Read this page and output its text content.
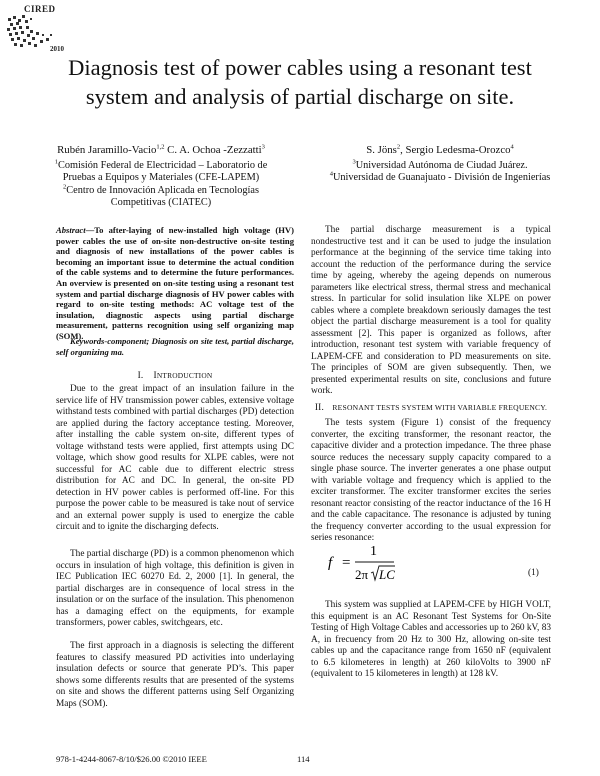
CIRED
2010
Diagnosis test of power cables using a resonant test
system and analysis of partial discharge on site.
Rubén Jaramillo-Vacio$^{1,2}$ C. A. Ochoa -Zezzatti$^3$
$^1$Comisión Federal de Electricidad – Laboratorio de
Pruebas a Equipos y Materiales (CFE-LAPEM)
$^2$Centro de Innovación Aplicada en Tecnologías
Competitivas (CIATEC)
S. Jöns$^2$, Sergio Ledesma-Orozco$^4$
$^3$Universidad Autónoma de Ciudad Juárez.
$^4$Universidad de Guanajuato - División de Ingenierías

Abstract—To after-laying of new-installed high voltage (HV) power cables the use of on-site non-destructive on-site testing and diagnosis of new installations of the power cables is becoming an important issue to determine the actual condition of the cable systems and to determine the future performances. An overview is presented on on-site testing using a resonant test system and partial discharge diagnosis of HV power cables with regard to on-site testing methods: AC voltage test of the insulation, diagnostic aspects using partial discharge measurement, patterns recognition using self organizing map (SOM).

Keywords-component; Diagnosis on site test, partial discharge, self organizing ma.

I. INTRODUCTION

Due to the great impact of an insulation failure in the service life of HV transmission power cables, extensive voltage withstand tests combined with partial discharges (PD) detection are applied during the factory acceptance testing. Moreover, after installing the cable system on-site, different types of voltage withstand tests were applied, first attempts using DC voltage, which show good results for XLPE cables, were not successful for AC cable due to different electric stress distribution for AC and DC. In general, the on-site PD detection in HV power cables is performed off-line. For this purpose the power cable to be measured is take nout of service and an external power supply is used to energize the cable circuit and to ignite the discharging defects.

The partial discharge (PD) is a common phenomenon which occurs in insulation of high voltage, this definition is given in IEC Publication IEC 60270 Ed. 2, 2000 [1]. In general, the partial discharges are in consequence of local stress in the insulation or on the surface of the insulation. This phenomenon has a damaging effect on the equipments, for example transformers, power cables, switchgears, etc.

The first approach in a diagnosis is selecting the different features to classify measured PD activities into underlaying insulation defects or source that generate PD’s. This paper shows some differents results that are presented of the systems on site and shows the different patterns using Self Organizing Maps (SOM).

The partial discharge measurement is a typical nondestructive test and it can be used to judge the insulation performance at the beginning of the service time taking into account the reduction of the performance during the service time by ageing, whereby the ageing depends on numerous parameters like electrical stress, thermal stress and mechanical stress. In particular for solid insulation like XLPE on power cables where a complete breakdown seriously damages the test object the partial discharge measurement is a tool for quality assessment [2]. This paper is organized as follows, after introduction, resonant test system with variable frequency of LAPEM-CFE and consideration to PD measurements on site. The principles of SOM are given subsequently. Then, we presented experimental results on site, conclusions and future work.

II. RESONANT TESTS SYSTEM WITH VARIABLE FREQUENCY.

The tests system (Figure 1) consist of the frequency converter, the exciting transformer, the resonant reactor, the capacitive divider and a protection impedance. The three phase source reduces the necessary supply capacity compared to a single phase source. The inverter generates a one phase output with variable voltage and frequency which is applied to the exciter transformer. The exciter transformer excites the series resonant reactor consisting of the reactor inductance of the 16 H and the cable capacitance. The resonance is adjusted by tuning the frequency converter according to the usual expression for series resonance:

f =
1
2π LC	(1)

This system was supplied at LAPEM-CFE by HIGH VOLT, this equipment is an AC Resonant Test Systems for On-Site Testing of High Voltage Cables and accessories up to 260 kV, 83 A, in frecuency from 20 Hz to 300 Hz, allowing on-site test cables up and the capacitance range from 1650 nF (equivalent to 6.5 kilometeres in length) at 260 kiloVolts to 3900 nF (equivalent to 15 kilometeres in length) at 128 kV.

978-1-4244-8067-8/10/$26.00 ©2010 IEEE	114
